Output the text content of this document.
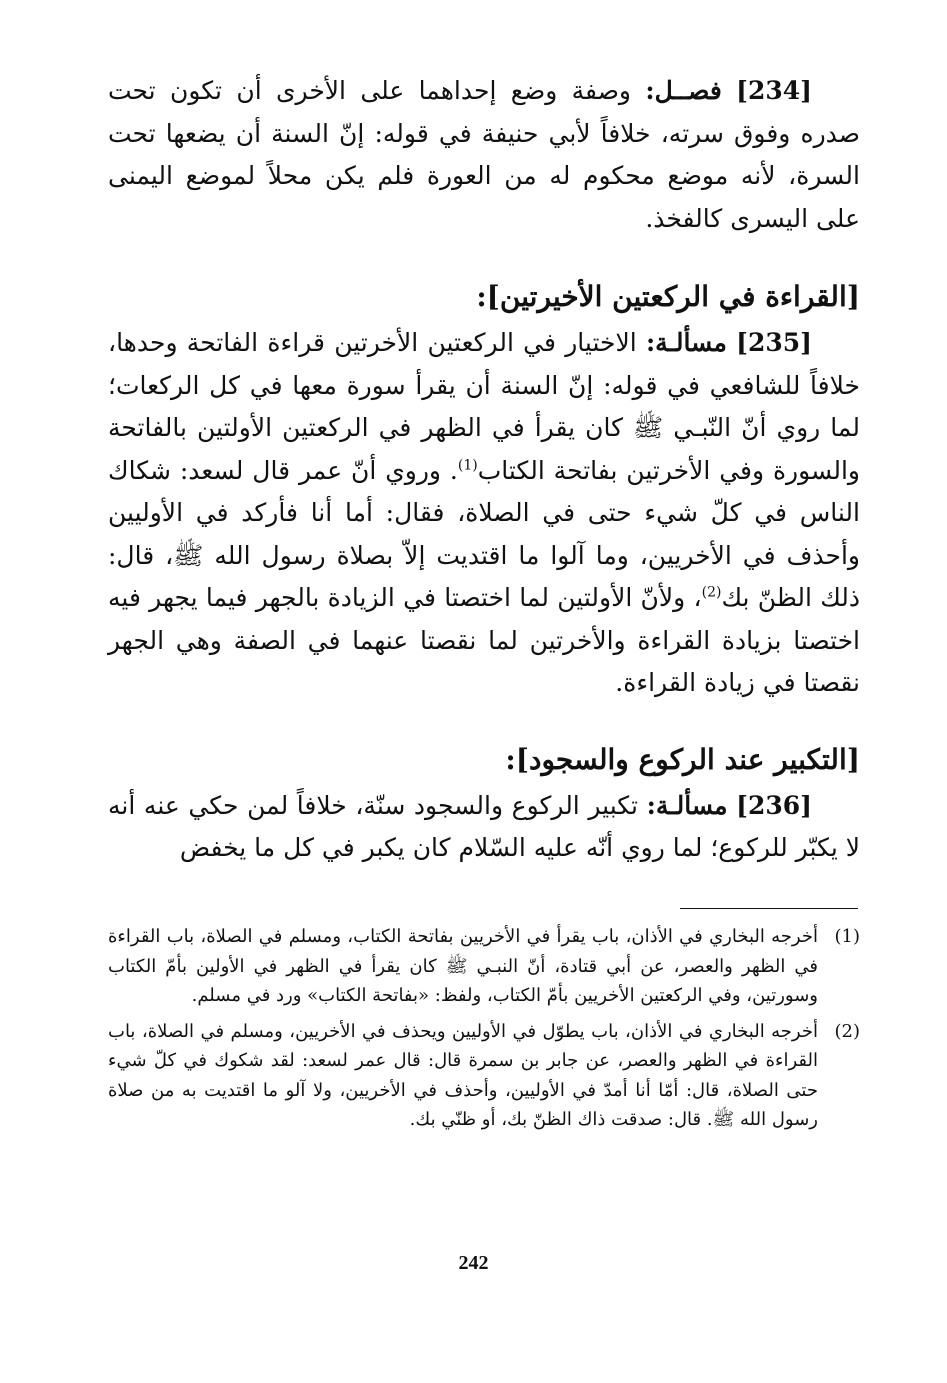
[234] فصــل: وصفة وضع إحداهما على الأخرى أن تكون تحت صدره وفوق سرته، خلافاً لأبي حنيفة في قوله: إنّ السنة أن يضعها تحت السرة، لأنه موضع محكوم له من العورة فلم يكن محلاً لموضع اليمنى على اليسرى كالفخذ.

[القراءة في الركعتين الأخيرتين]:

[235] مسألـة: الاختيار في الركعتين الأخرتين قراءة الفاتحة وحدها، خلافاً للشافعي في قوله: إنّ السنة أن يقرأ سورة معها في كل الركعات؛ لما روي أنّ النّبـي ﷺ كان يقرأ في الظهر في الركعتين الأولتين بالفاتحة والسورة وفي الأخرتين بفاتحة الكتاب$^{(1)}$. وروي أنّ عمر قال لسعد: شكاك الناس في كلّ شيء حتى في الصلاة، فقال: أما أنا فأركد في الأوليين وأحذف في الأخريين، وما آلوا ما اقتديت إلاّ بصلاة رسول الله ﷺ، قال: ذلك الظنّ بك$^{(2)}$، ولأنّ الأولتين لما اختصتا في الزيادة بالجهر فيما يجهر فيه اختصتا بزيادة القراءة والأخرتين لما نقصتا عنهما في الصفة وهي الجهر نقصتا في زيادة القراءة.

[التكبير عند الركوع والسجود]:

[236] مسألـة: تكبير الركوع والسجود سنّة، خلافاً لمن حكي عنه أنه لا يكبّر للركوع؛ لما روي أنّه عليه السّلام كان يكبر في كل ما يخفض

(1)
أخرجه البخاري في الأذان، باب يقرأ في الأخريين بفاتحة الكتاب، ومسلم في الصلاة، باب القراءة في الظهر والعصر، عن أبي قتادة، أنّ النبـي ﷺ كان يقرأ في الظهر في الأولين بأمّ الكتاب وسورتين، وفي الركعتين الأخريين بأمّ الكتاب، ولفظ: «بفاتحة الكتاب» ورد في مسلم.
(2)
أخرجه البخاري في الأذان، باب يطوّل في الأوليين ويحذف في الأخريين، ومسلم في الصلاة، باب القراءة في الظهر والعصر، عن جابر بن سمرة قال: قال عمر لسعد: لقد شكوك في كلّ شيء حتى الصلاة، قال: أمّا أنا أمدّ في الأوليين، وأحذف في الأخريين، ولا آلو ما اقتديت به من صلاة رسول الله ﷺ. قال: صدقت ذاك الظنّ بك، أو ظنّي بك.
242
